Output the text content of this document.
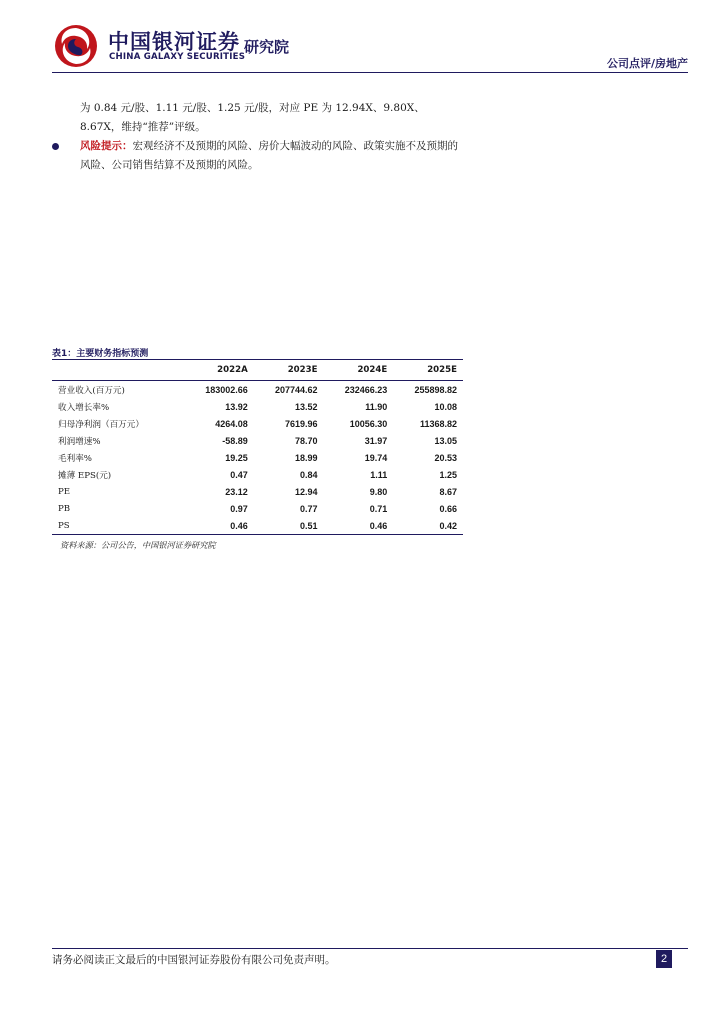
中国银河证券
CHINA GALAXY SECURITIES
研究院
公司点评/房地产
为 0.84 元/股、1.11 元/股、1.25 元/股，对应 PE 为 12.94X、9.80X、8.67X，维持“推荐”评级。
风险提示：宏观经济不及预期的风险、房价大幅波动的风险、政策实施不及预期的风险、公司销售结算不及预期的风险。
表1：主要财务指标预测
	2022A	2023E	2024E	2025E
营业收入(百万元)	183002.66	207744.62	232466.23	255898.82
收入增长率%	13.92	13.52	11.90	10.08
归母净利润（百万元）	4264.08	7619.96	10056.30	11368.82
利润增速%	-58.89	78.70	31.97	13.05
毛利率%	19.25	18.99	19.74	20.53
摊薄 EPS(元)	0.47	0.84	1.11	1.25
PE	23.12	12.94	9.80	8.67
PB	0.97	0.77	0.71	0.66
PS	0.46	0.51	0.46	0.42
资料来源：公司公告，中国银河证券研究院
请务必阅读正文最后的中国银河证券股份有限公司免责声明。	2
